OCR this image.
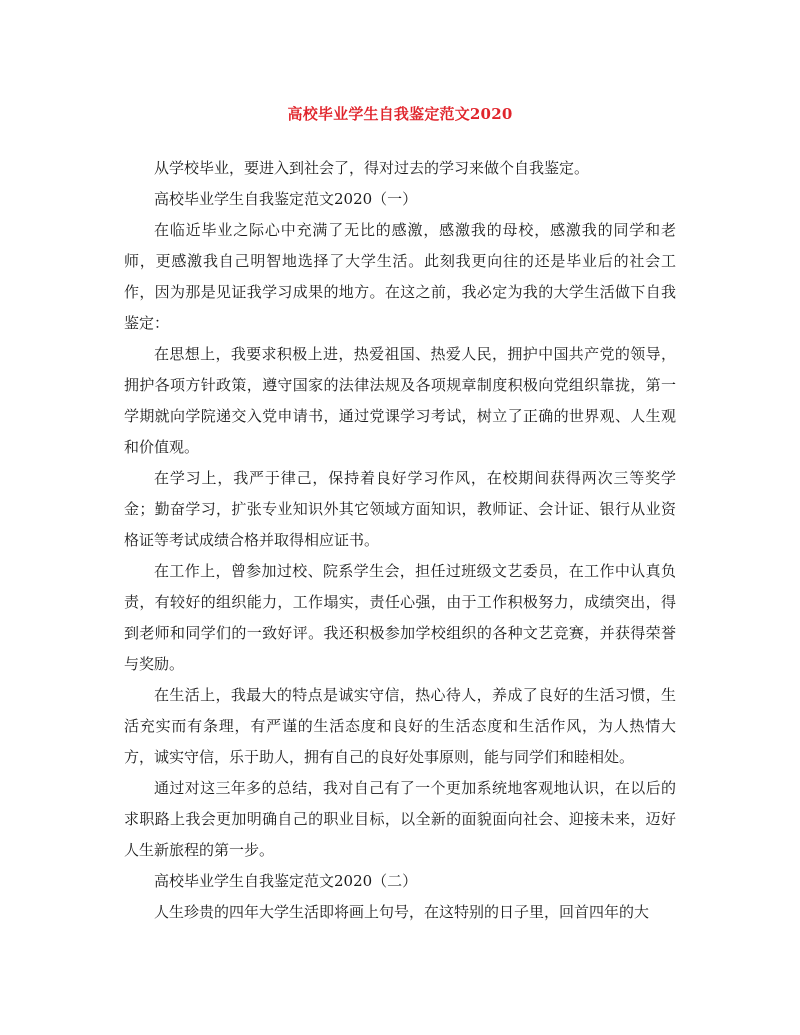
高校毕业学生自我鉴定范文2020

从学校毕业，要进入到社会了，得对过去的学习来做个自我鉴定。

高校毕业学生自我鉴定范文2020（一）

在临近毕业之际心中充满了无比的感激，感激我的母校，感激我的同学和老师，更感激我自己明智地选择了大学生活。此刻我更向往的还是毕业后的社会工作，因为那是见证我学习成果的地方。在这之前，我必定为我的大学生活做下自我鉴定：

在思想上，我要求积极上进，热爱祖国、热爱人民，拥护中国共产党的领导，拥护各项方针政策，遵守国家的法律法规及各项规章制度积极向党组织靠拢，第一学期就向学院递交入党申请书，通过党课学习考试，树立了正确的世界观、人生观和价值观。

在学习上，我严于律己，保持着良好学习作风，在校期间获得两次三等奖学金；勤奋学习，扩张专业知识外其它领域方面知识，教师证、会计证、银行从业资格证等考试成绩合格并取得相应证书。

在工作上，曾参加过校、院系学生会，担任过班级文艺委员，在工作中认真负责，有较好的组织能力，工作塌实，责任心强，由于工作积极努力，成绩突出，得到老师和同学们的一致好评。我还积极参加学校组织的各种文艺竞赛，并获得荣誉与奖励。

在生活上，我最大的特点是诚实守信，热心待人，养成了良好的生活习惯，生活充实而有条理，有严谨的生活态度和良好的生活态度和生活作风，为人热情大方，诚实守信，乐于助人，拥有自己的良好处事原则，能与同学们和睦相处。

通过对这三年多的总结，我对自己有了一个更加系统地客观地认识，在以后的求职路上我会更加明确自己的职业目标，以全新的面貌面向社会、迎接未来，迈好人生新旅程的第一步。

高校毕业学生自我鉴定范文2020（二）

人生珍贵的四年大学生活即将画上句号，在这特别的日子里，回首四年的大
